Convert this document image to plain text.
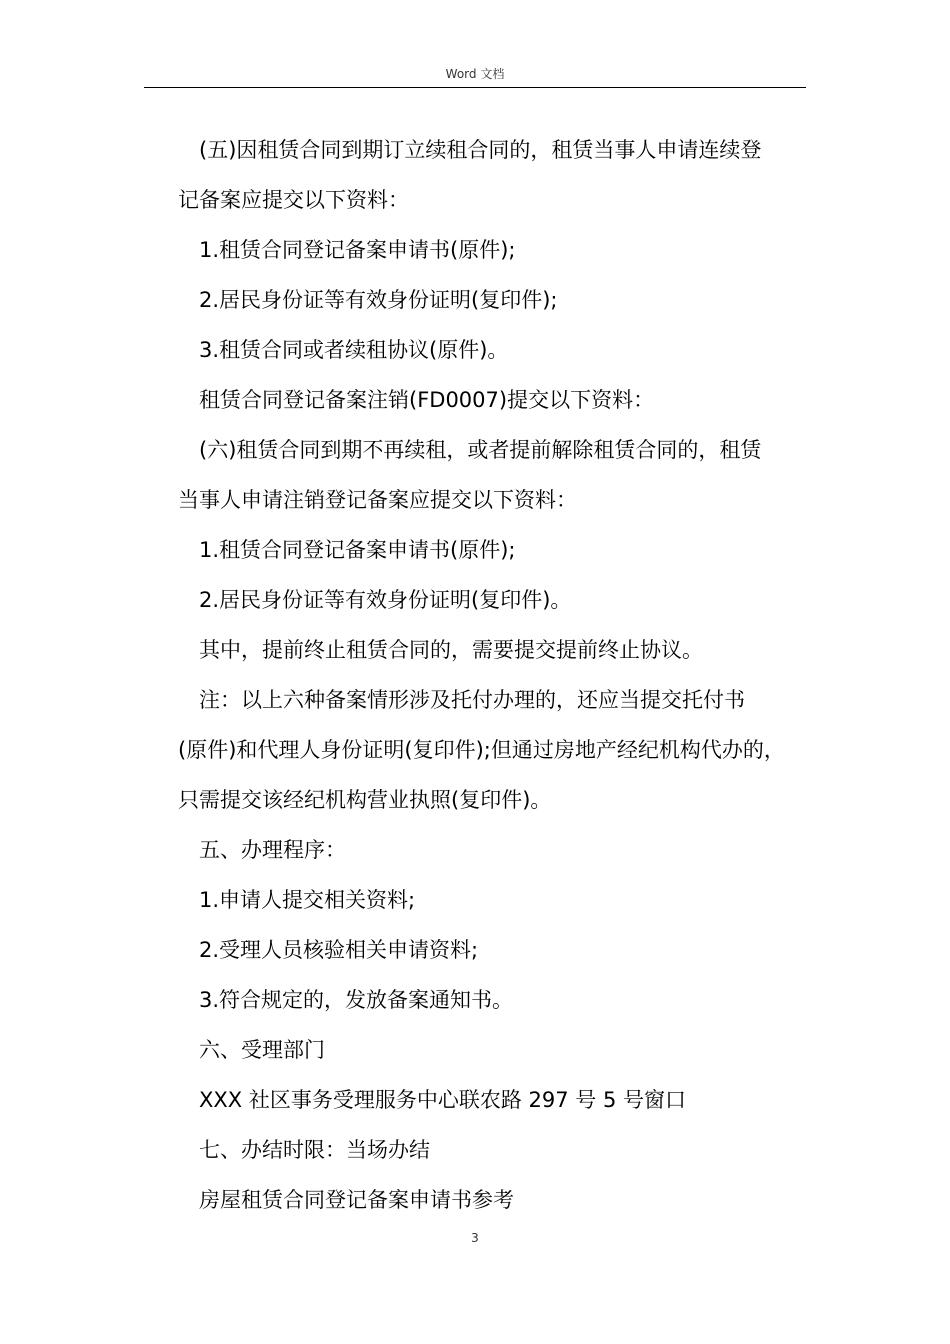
Word 文档
(五)因租赁合同到期订立续租合同的，租赁当事人申请连续登
记备案应提交以下资料：
1.租赁合同登记备案申请书(原件);
2.居民身份证等有效身份证明(复印件);
3.租赁合同或者续租协议(原件)。
租赁合同登记备案注销(FD0007)提交以下资料：
(六)租赁合同到期不再续租，或者提前解除租赁合同的，租赁
当事人申请注销登记备案应提交以下资料：
1.租赁合同登记备案申请书(原件);
2.居民身份证等有效身份证明(复印件)。
其中，提前终止租赁合同的，需要提交提前终止协议。
注：以上六种备案情形涉及托付办理的，还应当提交托付书
(原件)和代理人身份证明(复印件);但通过房地产经纪机构代办的，
只需提交该经纪机构营业执照(复印件)。
五、办理程序：
1.申请人提交相关资料;
2.受理人员核验相关申请资料;
3.符合规定的，发放备案通知书。
六、受理部门
XXX 社区事务受理服务中心联农路 297 号 5 号窗口
七、办结时限：当场办结
房屋租赁合同登记备案申请书参考
3
